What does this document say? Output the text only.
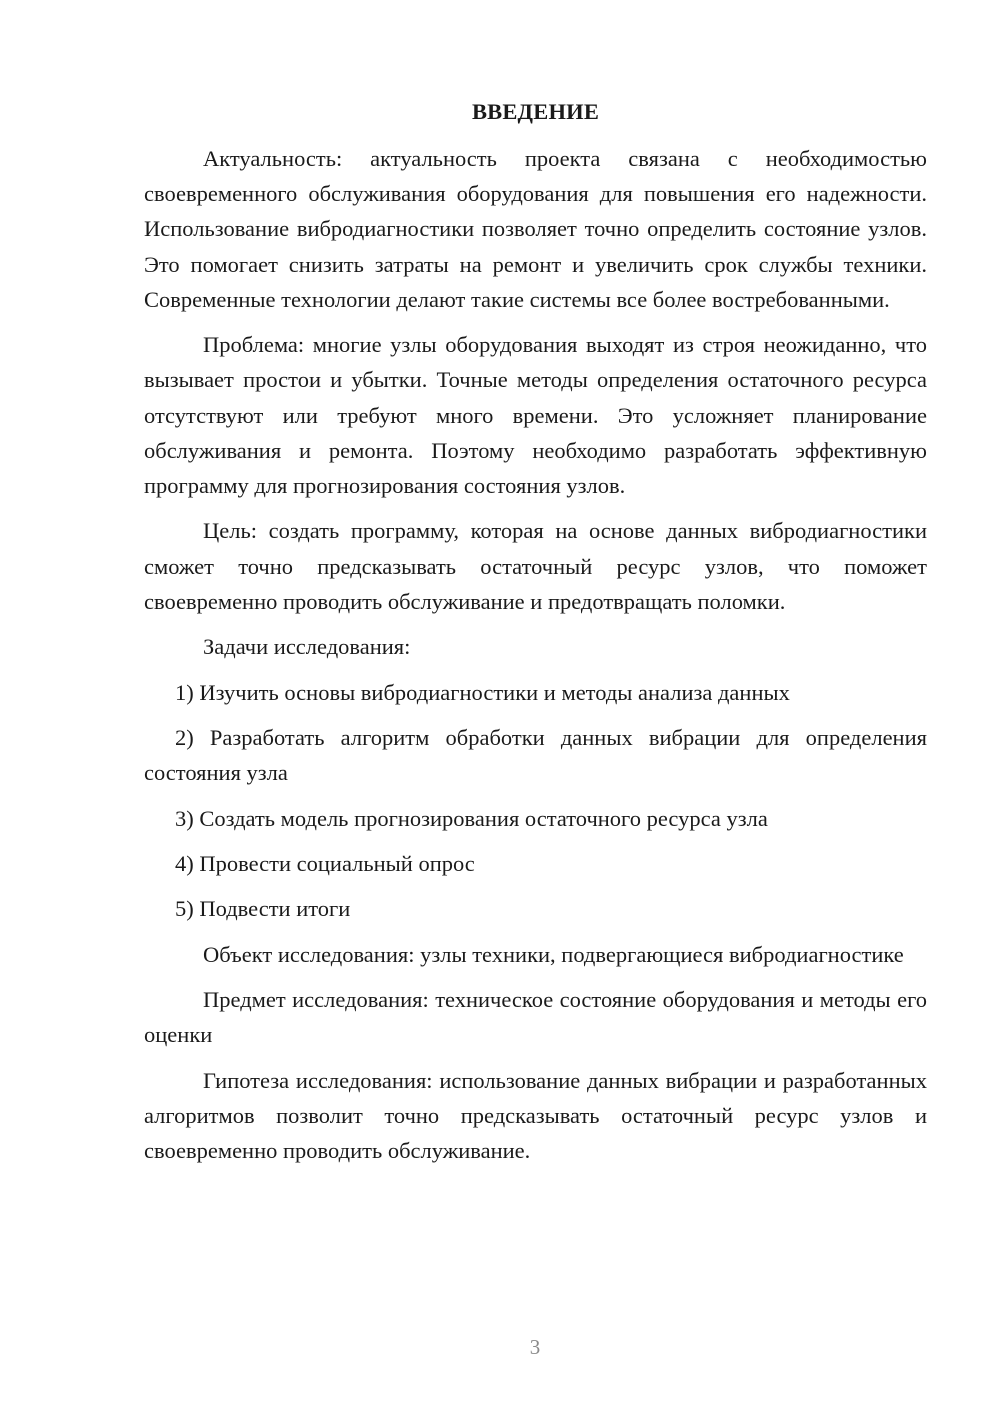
ВВЕДЕНИЕ

Актуальность: актуальность проекта связана с необходимостью своевременного обслуживания оборудования для повышения его надежности. Использование вибродиагностики позволяет точно определить состояние узлов. Это помогает снизить затраты на ремонт и увеличить срок службы техники. Современные технологии делают такие системы все более востребованными.

Проблема: многие узлы оборудования выходят из строя неожиданно, что вызывает простои и убытки. Точные методы определения остаточного ресурса отсутствуют или требуют много времени. Это усложняет планирование обслуживания и ремонта. Поэтому необходимо разработать эффективную программу для прогнозирования состояния узлов.

Цель: создать программу, которая на основе данных вибродиагностики сможет точно предсказывать остаточный ресурс узлов, что поможет своевременно проводить обслуживание и предотвращать поломки.

Задачи исследования:

1) Изучить основы вибродиагностики и методы анализа данных

2) Разработать алгоритм обработки данных вибрации для определения состояния узла

3) Создать модель прогнозирования остаточного ресурса узла

4) Провести социальный опрос

5) Подвести итоги

Объект исследования: узлы техники, подвергающиеся вибродиагностике

Предмет исследования: техническое состояние оборудования и методы его оценки

Гипотеза исследования: использование данных вибрации и разработанных алгоритмов позволит точно предсказывать остаточный ресурс узлов и своевременно проводить обслуживание.

3
